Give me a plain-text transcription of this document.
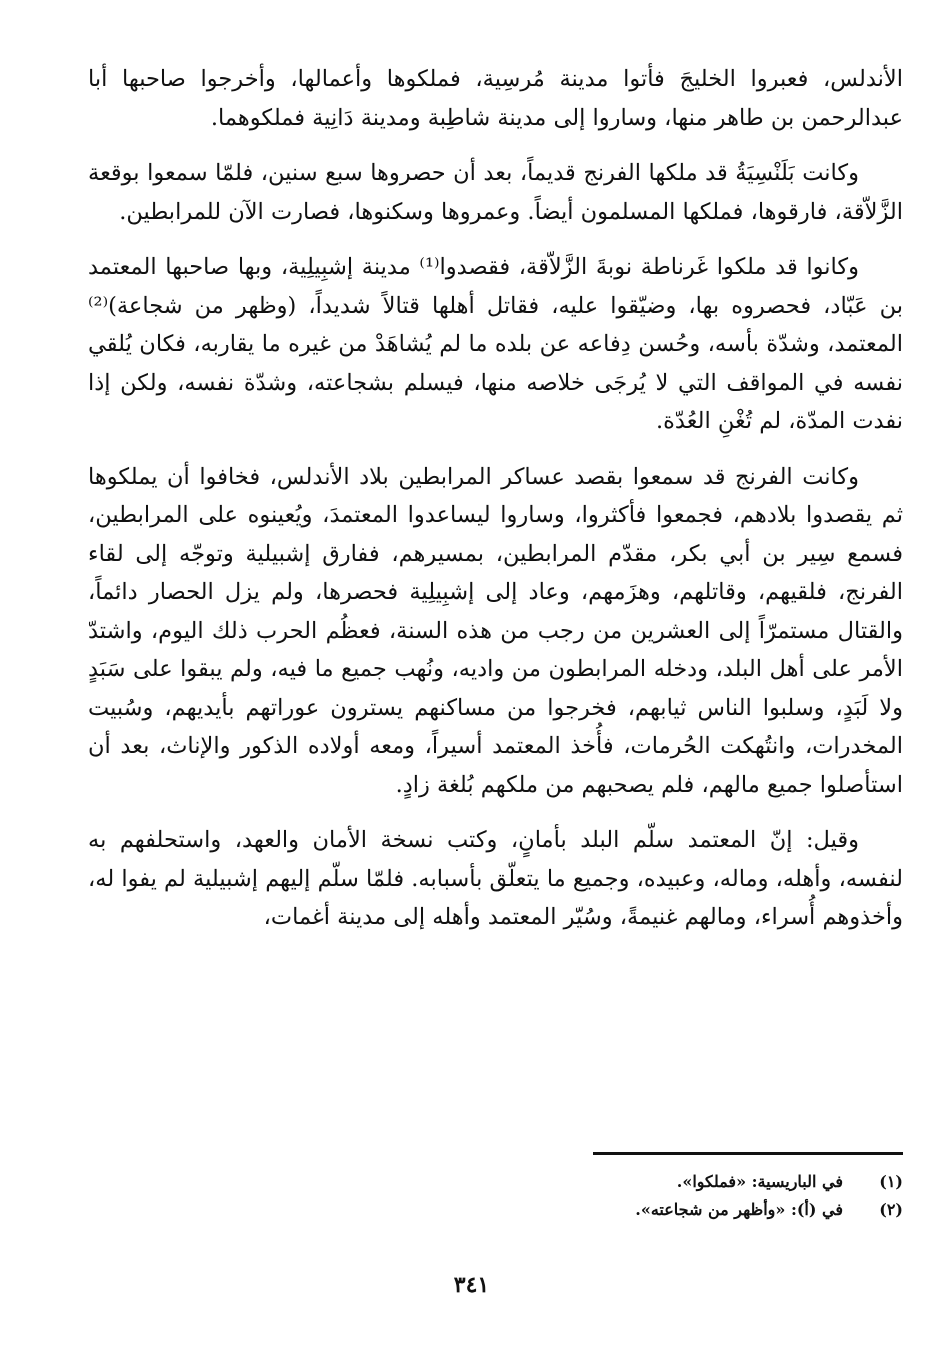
الأندلس، فعبروا الخليجَ فأتوا مدينة مُرسِية، فملكوها وأعمالها، وأخرجوا صاحبها أبا عبدالرحمن بن طاهر منها، وساروا إلى مدينة شاطِبة ومدينة دَانِية فملكوهما.

وكانت بَلَنْسِيَةُ قد ملكها الفرنج قديماً، بعد أن حصروها سبع سنين، فلمّا سمعوا بوقعة الزَّلاّقة، فارقوها، فملكها المسلمون أيضاً. وعمروها وسكنوها، فصارت الآن للمرابطين.

وكانوا قد ملكوا غَرناطة نوبةَ الزَّلاّقة، فقصدوا⁽¹⁾ مدينة إشبِيلِية، وبها صاحبها المعتمد بن عَبّاد، فحصروه بها، وضيّقوا عليه، فقاتل أهلها قتالاً شديداً، (وظهر من شجاعة)⁽²⁾ المعتمد، وشدّة بأسه، وحُسن دِفاعه عن بلده ما لم يُشاهَدْ من غيره ما يقاربه، فكان يُلقي نفسه في المواقف التي لا يُرجَى خلاصه منها، فيسلم بشجاعته، وشدّة نفسه، ولكن إذا نفدت المدّة، لم تُغْنِ العُدّة.

وكانت الفرنج قد سمعوا بقصد عساكر المرابطين بلاد الأندلس، فخافوا أن يملكوها ثم يقصدوا بلادهم، فجمعوا فأكثروا، وساروا ليساعدوا المعتمدَ، ويُعينوه على المرابطين، فسمع سِير بن أبي بكر، مقدّم المرابطين، بمسيرهم، ففارق إشبيلية وتوجّه إلى لقاء الفرنج، فلقيهم، وقاتلهم، وهزَمهم، وعاد إلى إشبِيلِية فحصرها، ولم يزل الحصار دائماً، والقتال مستمرّاً إلى العشرين من رجب من هذه السنة، فعظُم الحرب ذلك اليوم، واشتدّ الأمر على أهل البلد، ودخله المرابطون من واديه، ونُهب جميع ما فيه، ولم يبقوا على سَبَدٍ ولا لَبَدٍ، وسلبوا الناس ثيابهم، فخرجوا من مساكنهم يسترون عوراتهم بأيديهم، وسُبيت المخدرات، وانتُهكت الحُرمات، فأُخذ المعتمد أسيراً، ومعه أولاده الذكور والإناث، بعد أن استأصلوا جميع مالهم، فلم يصحبهم من ملكهم بُلغة زادٍ.

وقيل: إنّ المعتمد سلّم البلد بأمانٍ، وكتب نسخة الأمان والعهد، واستحلفهم به لنفسه، وأهله، وماله، وعبيده، وجميع ما يتعلّق بأسبابه. فلمّا سلّم إليهم إشبيلية لم يفوا له، وأخذوهم أُسراء، ومالهم غنيمةً، وسُيّر المعتمد وأهله إلى مدينة أغمات،

(١)
في الباريسية: «فملكوا».
(٢)
في (أ): «وأظهر من شجاعته».
٣٤١
